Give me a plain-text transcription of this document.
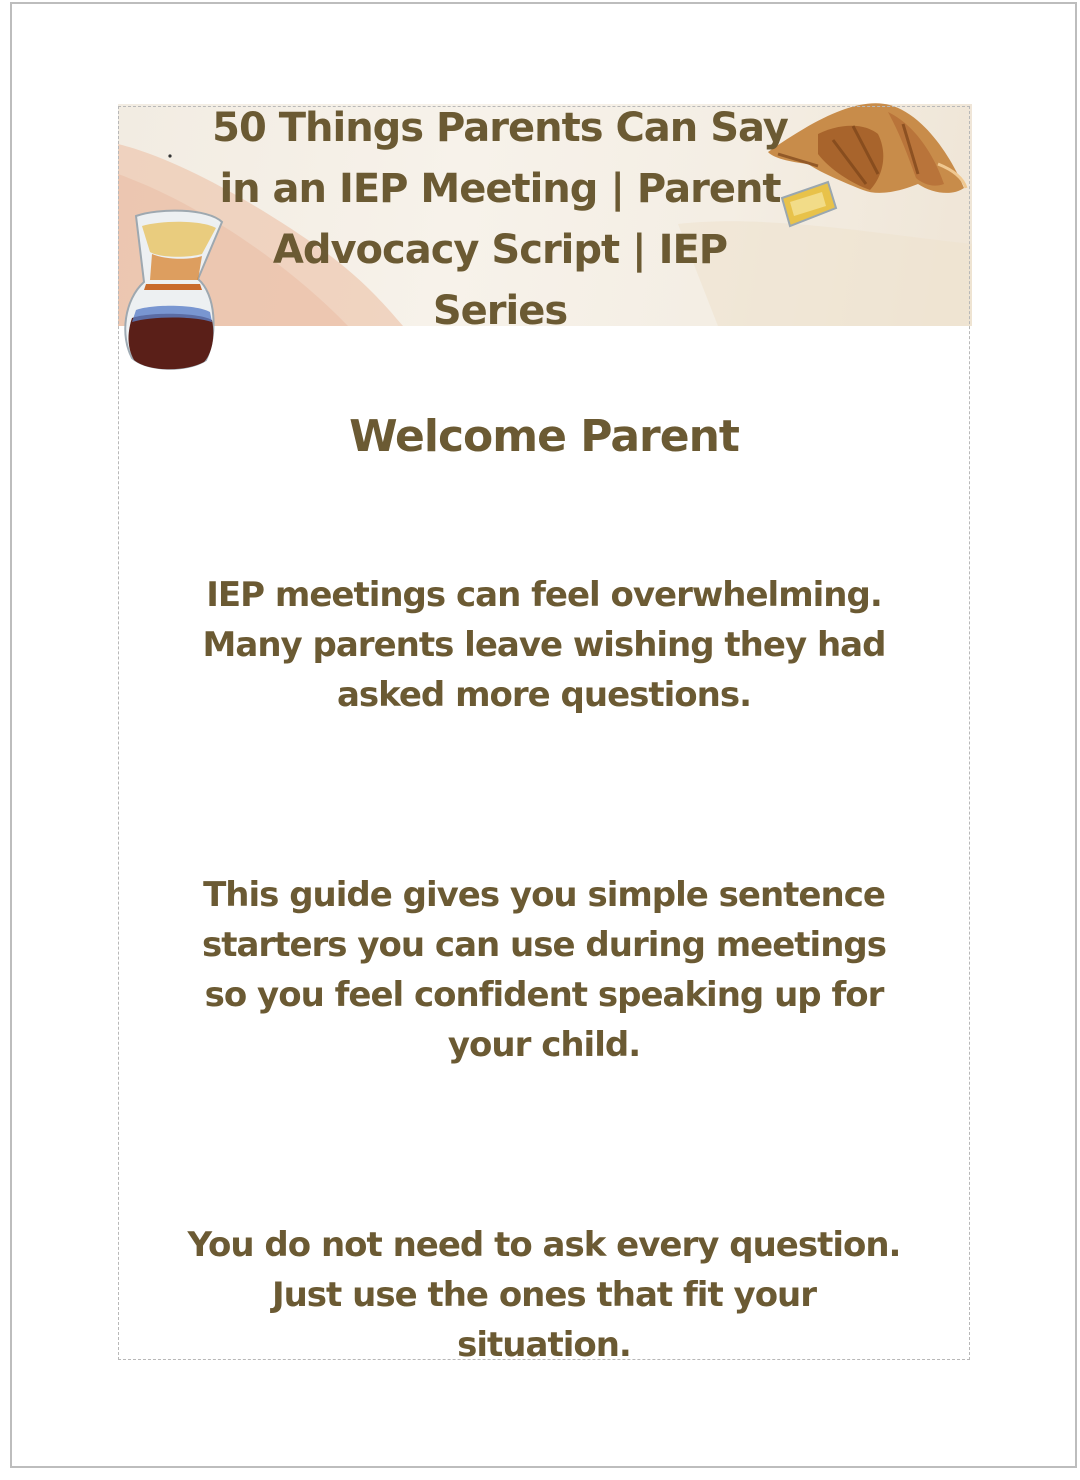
50 Things Parents Can Say in an IEP Meeting | Parent Advocacy Script | IEP Series
Welcome Parent

IEP meetings can feel overwhelming. Many parents leave wishing they had asked more questions.

This guide gives you simple sentence starters you can use during meetings so you feel confident speaking up for your child.

You do not need to ask every question. Just use the ones that fit your situation.
